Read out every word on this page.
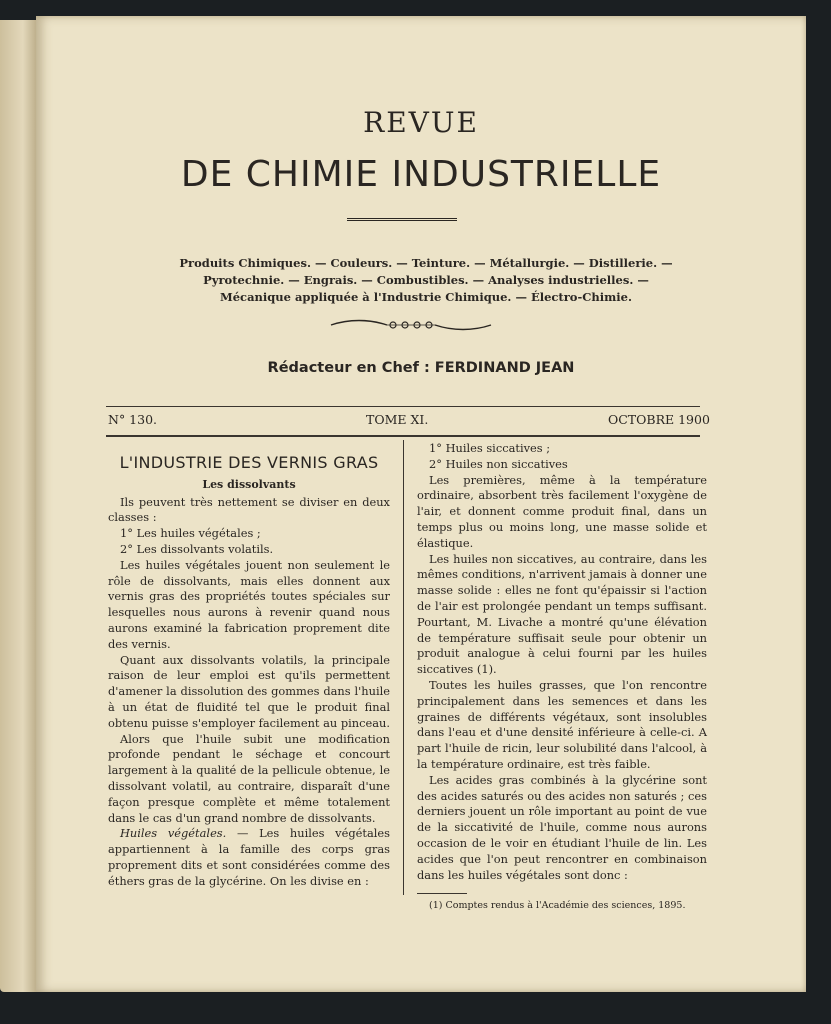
REVUE
DE CHIMIE INDUSTRIELLE
Produits Chimiques. — Couleurs. — Teinture. — Métallurgie. — Distillerie. —
Pyrotechnie. — Engrais. — Combustibles. — Analyses industrielles. —
Mécanique appliquée à l'Industrie Chimique. — Électro-Chimie.
Rédacteur en Chef : FERDINAND JEAN
N° 130.	TOME XI.	OCTOBRE 1900
L'INDUSTRIE DES VERNIS GRAS
Les dissolvants

Ils peuvent très nettement se diviser en deux classes :

1° Les huiles végétales ;

2° Les dissolvants volatils.

Les huiles végétales jouent non seulement le rôle de dissolvants, mais elles donnent aux vernis gras des propriétés toutes spéciales sur lesquelles nous aurons à revenir quand nous aurons examiné la fabrication proprement dite des vernis.

Quant aux dissolvants volatils, la principale raison de leur emploi est qu'ils permettent d'amener la dissolution des gommes dans l'huile à un état de fluidité tel que le produit final obtenu puisse s'employer facilement au pinceau.

Alors que l'huile subit une modification profonde pendant le séchage et concourt largement à la qualité de la pellicule obtenue, le dissolvant volatil, au contraire, disparaît d'une façon presque complète et même totalement dans le cas d'un grand nombre de dissolvants.

Huiles végétales. — Les huiles végétales appartiennent à la famille des corps gras proprement dits et sont considérées comme des éthers gras de la glycérine. On les divise en :

1° Huiles siccatives ;

2° Huiles non siccatives

Les premières, même à la température ordinaire, absorbent très facilement l'oxygène de l'air, et donnent comme produit final, dans un temps plus ou moins long, une masse solide et élastique.

Les huiles non siccatives, au contraire, dans les mêmes conditions, n'arrivent jamais à donner une masse solide : elles ne font qu'épaissir si l'action de l'air est prolongée pendant un temps suffisant. Pourtant, M. Livache a montré qu'une élévation de température suffisait seule pour obtenir un produit analogue à celui fourni par les huiles siccatives (1).

Toutes les huiles grasses, que l'on rencontre principalement dans les semences et dans les graines de différents végétaux, sont insolubles dans l'eau et d'une densité inférieure à celle-ci. A part l'huile de ricin, leur solubilité dans l'alcool, à la température ordinaire, est très faible.

Les acides gras combinés à la glycérine sont des acides saturés ou des acides non saturés ; ces derniers jouent un rôle important au point de vue de la siccativité de l'huile, comme nous aurons occasion de le voir en étudiant l'huile de lin. Les acides que l'on peut rencontrer en combinaison dans les huiles végétales sont donc :

(1) Comptes rendus à l'Académie des sciences, 1895.
